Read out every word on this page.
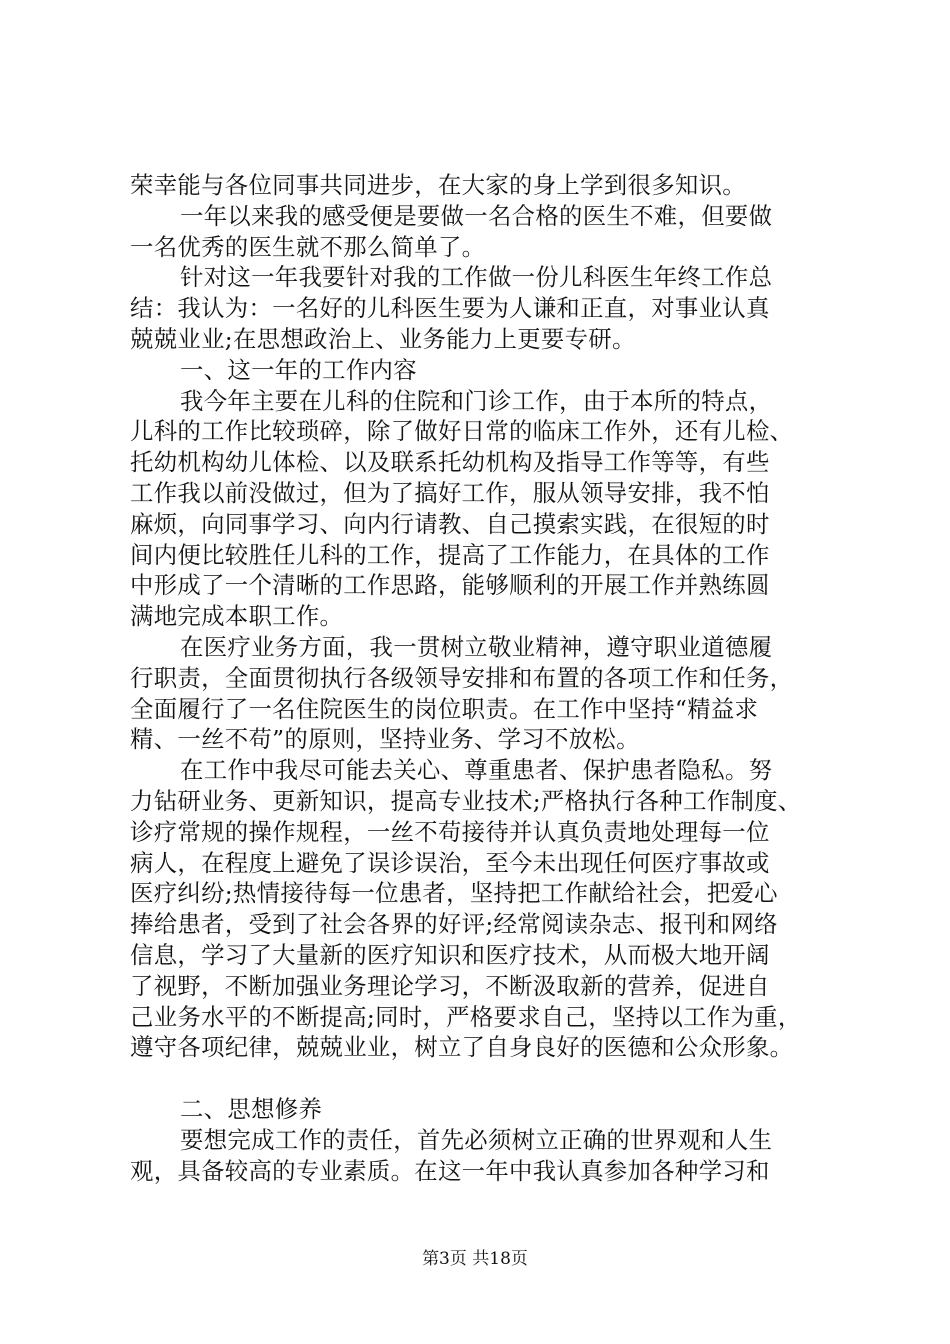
荣幸能与各位同事共同进步，在大家的身上学到很多知识。
一年以来我的感受便是要做一名合格的医生不难，但要做
一名优秀的医生就不那么简单了。
针对这一年我要针对我的工作做一份儿科医生年终工作总
结：我认为：一名好的儿科医生要为人谦和正直，对事业认真
兢兢业业;在思想政治上、业务能力上更要专研。
一、这一年的工作内容
我今年主要在儿科的住院和门诊工作，由于本所的特点，
儿科的工作比较琐碎，除了做好日常的临床工作外，还有儿检、
托幼机构幼儿体检、以及联系托幼机构及指导工作等等，有些
工作我以前没做过，但为了搞好工作，服从领导安排，我不怕
麻烦，向同事学习、向内行请教、自己摸索实践，在很短的时
间内便比较胜任儿科的工作，提高了工作能力，在具体的工作
中形成了一个清晰的工作思路，能够顺利的开展工作并熟练圆
满地完成本职工作。
在医疗业务方面，我一贯树立敬业精神，遵守职业道德履
行职责，全面贯彻执行各级领导安排和布置的各项工作和任务，
全面履行了一名住院医生的岗位职责。在工作中坚持“精益求
精、一丝不苟”的原则，坚持业务、学习不放松。
在工作中我尽可能去关心、尊重患者、保护患者隐私。努
力钻研业务、更新知识，提高专业技术;严格执行各种工作制度、
诊疗常规的操作规程，一丝不苟接待并认真负责地处理每一位
病人，在程度上避免了误诊误治，至今未出现任何医疗事故或
医疗纠纷;热情接待每一位患者，坚持把工作献给社会，把爱心
捧给患者，受到了社会各界的好评;经常阅读杂志、报刊和网络
信息，学习了大量新的医疗知识和医疗技术，从而极大地开阔
了视野，不断加强业务理论学习，不断汲取新的营养，促进自
己业务水平的不断提高;同时，严格要求自己，坚持以工作为重，
遵守各项纪律，兢兢业业，树立了自身良好的医德和公众形象。
二、思想修养
要想完成工作的责任，首先必须树立正确的世界观和人生
观，具备较高的专业素质。在这一年中我认真参加各种学习和
第3页 共18页
